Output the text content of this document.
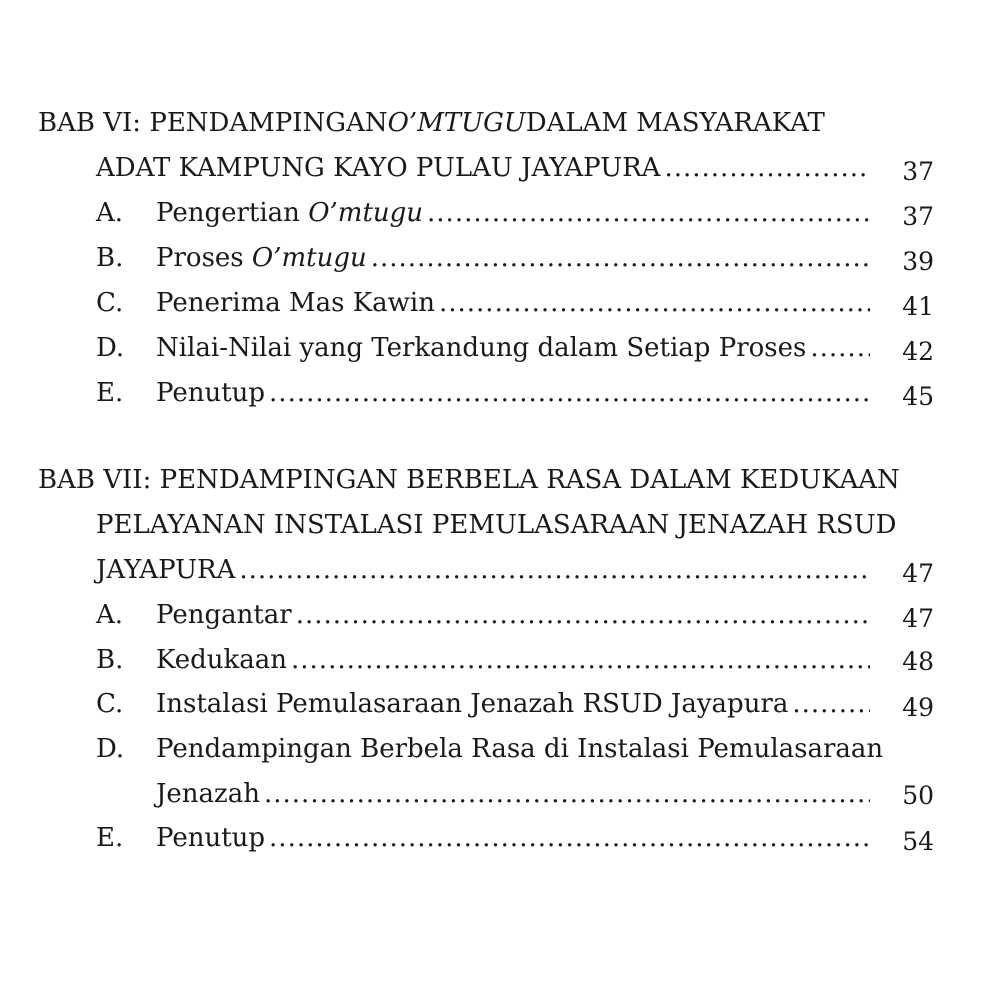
BAB VI: PENDAMPINGAN O’MTUGU DALAM MASYARAKAT
ADAT KAMPUNG KAYO PULAU JAYAPURA .....	37
A.	Pengertian O’mtugu .....	37
B.	Proses O’mtugu .....	39
C.	Penerima Mas Kawin .....	41
D.	Nilai-Nilai yang Terkandung dalam Setiap Proses .....	42
E.	Penutup .....	45
BAB VII: PENDAMPINGAN BERBELA RASA DALAM KEDUKAAN
PELAYANAN INSTALASI PEMULASARAAN JENAZAH RSUD
JAYAPURA .....	47
A.	Pengantar .....	47
B.	Kedukaan .....	48
C.	Instalasi Pemulasaraan Jenazah RSUD Jayapura .....	49
D.	Pendampingan Berbela Rasa di Instalasi Pemulasaraan
Jenazah .....	50
E.	Penutup .....	54
